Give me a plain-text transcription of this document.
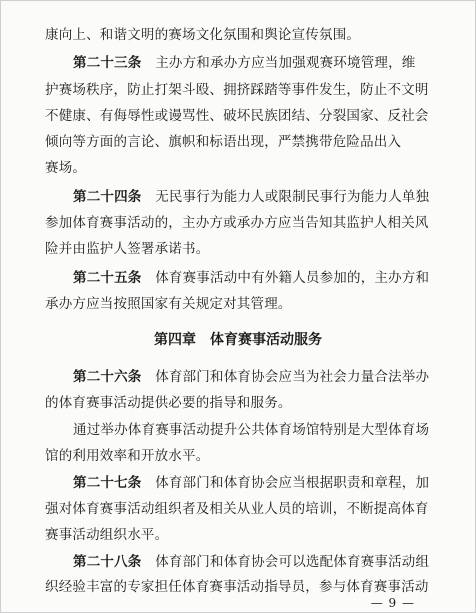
第四章　体育赛事活动服务
— 9 —
康向上、和谐文明的赛场文化氛围和舆论宣传氛围。
第二十三条　主办方和承办方应当加强观赛环境管理，维
护赛场秩序，防止打架斗殴、拥挤踩踏等事件发生，防止不文明
不健康、有侮辱性或谩骂性、破坏民族团结、分裂国家、反社会
倾向等方面的言论、旗帜和标语出现，严禁携带危险品出入
赛场。
第二十四条　无民事行为能力人或限制民事行为能力人单独
参加体育赛事活动的，主办方或承办方应当告知其监护人相关风
险并由监护人签署承诺书。
第二十五条　体育赛事活动中有外籍人员参加的，主办方和
承办方应当按照国家有关规定对其管理。
第二十六条　体育部门和体育协会应当为社会力量合法举办
的体育赛事活动提供必要的指导和服务。
通过举办体育赛事活动提升公共体育场馆特别是大型体育场
馆的利用效率和开放水平。
第二十七条　体育部门和体育协会应当根据职责和章程，加
强对体育赛事活动组织者及相关从业人员的培训，不断提高体育
赛事活动组织水平。
第二十八条　体育部门和体育协会可以选配体育赛事活动组
织经验丰富的专家担任体育赛事活动指导员，参与体育赛事活动
